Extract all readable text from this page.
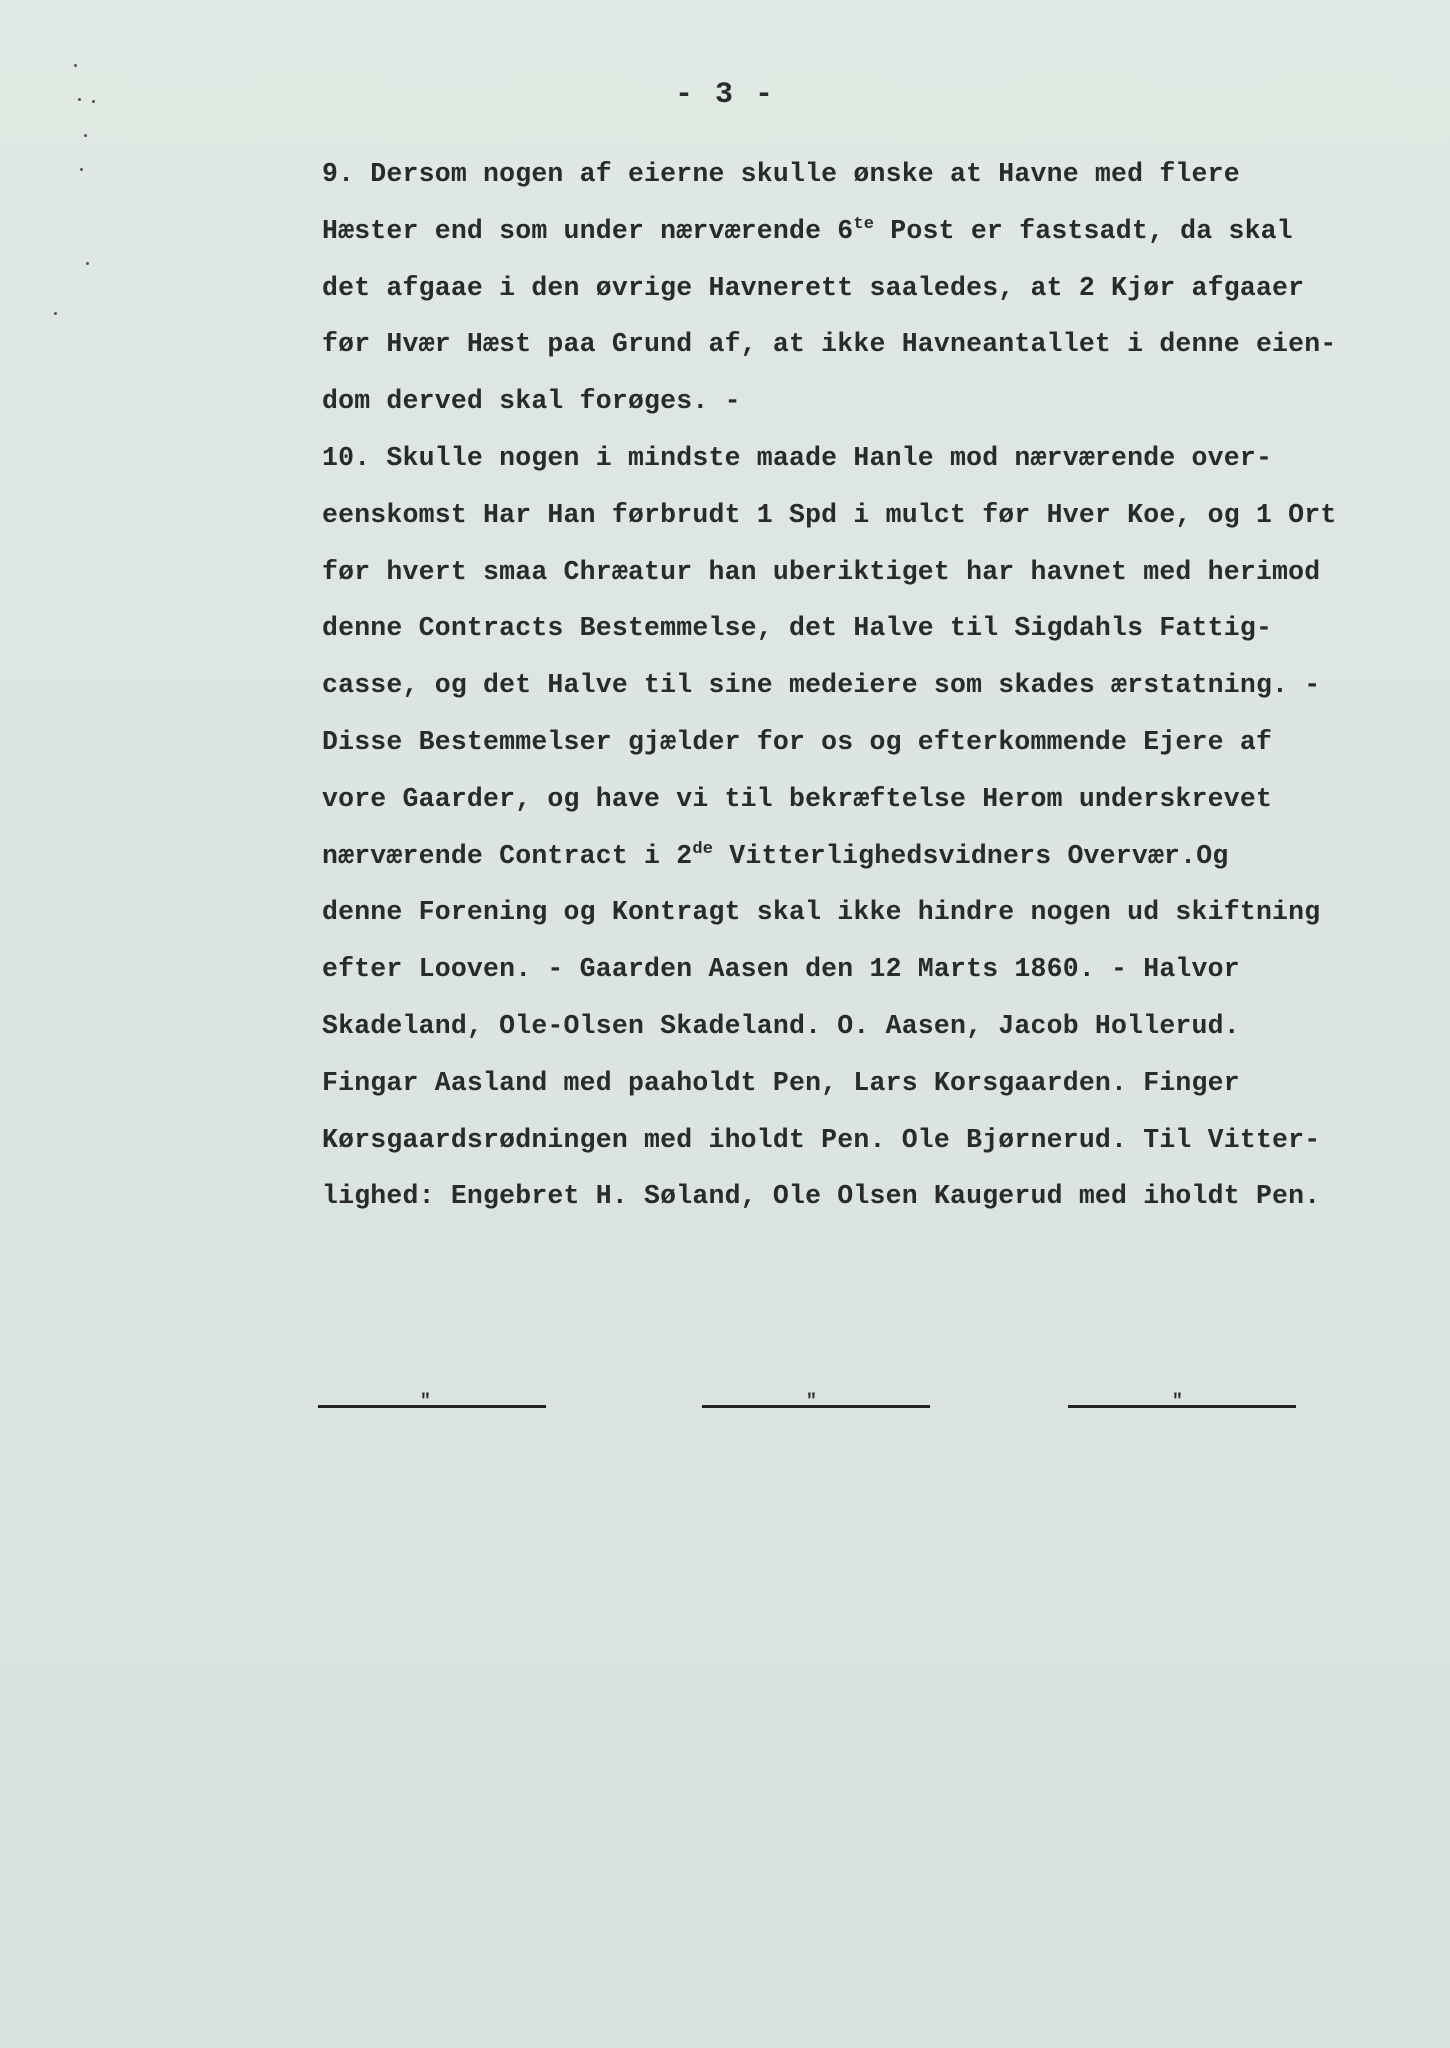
- 3 -
9. Dersom nogen af eierne skulle ønske at Havne med flere
Hæster end som under nærværende $6^{te}$ Post er fastsadt, da skal
det afgaae i den øvrige Havnerett saaledes, at 2 Kjør afgaaer
før Hvær Hæst paa Grund af, at ikke Havneantallet i denne eien-
dom derved skal forøges. -
10. Skulle nogen i mindste maade Hanle mod nærværende over-
eenskomst Har Han førbrudt 1 Spd i mulct før Hver Koe, og 1 Ort
før hvert smaa Chræatur han uberiktiget har havnet med herimod
denne Contracts Bestemmelse, det Halve til Sigdahls Fattig-
casse, og det Halve til sine medeiere som skades ærstatning. -
Disse Bestemmelser gjælder for os og efterkommende Ejere af
vore Gaarder, og have vi til bekræftelse Herom underskrevet
nærværende Contract i 2de Vitterlighedsvidners Overvær.Og
denne Forening og Kontragt skal ikke hindre nogen ud skiftning
efter Looven. - Gaarden Aasen den 12 Marts 1860. - Halvor
Skadeland, Ole-Olsen Skadeland. O. Aasen, Jacob Hollerud.
Fingar Aasland med paaholdt Pen, Lars Korsgaarden. Finger
Kørsgaardsrødningen med iholdt Pen. Ole Bjørnerud. Til Vitter-
lighed: Engebret H. Søland, Ole Olsen Kaugerud med iholdt Pen.
"	"	"
